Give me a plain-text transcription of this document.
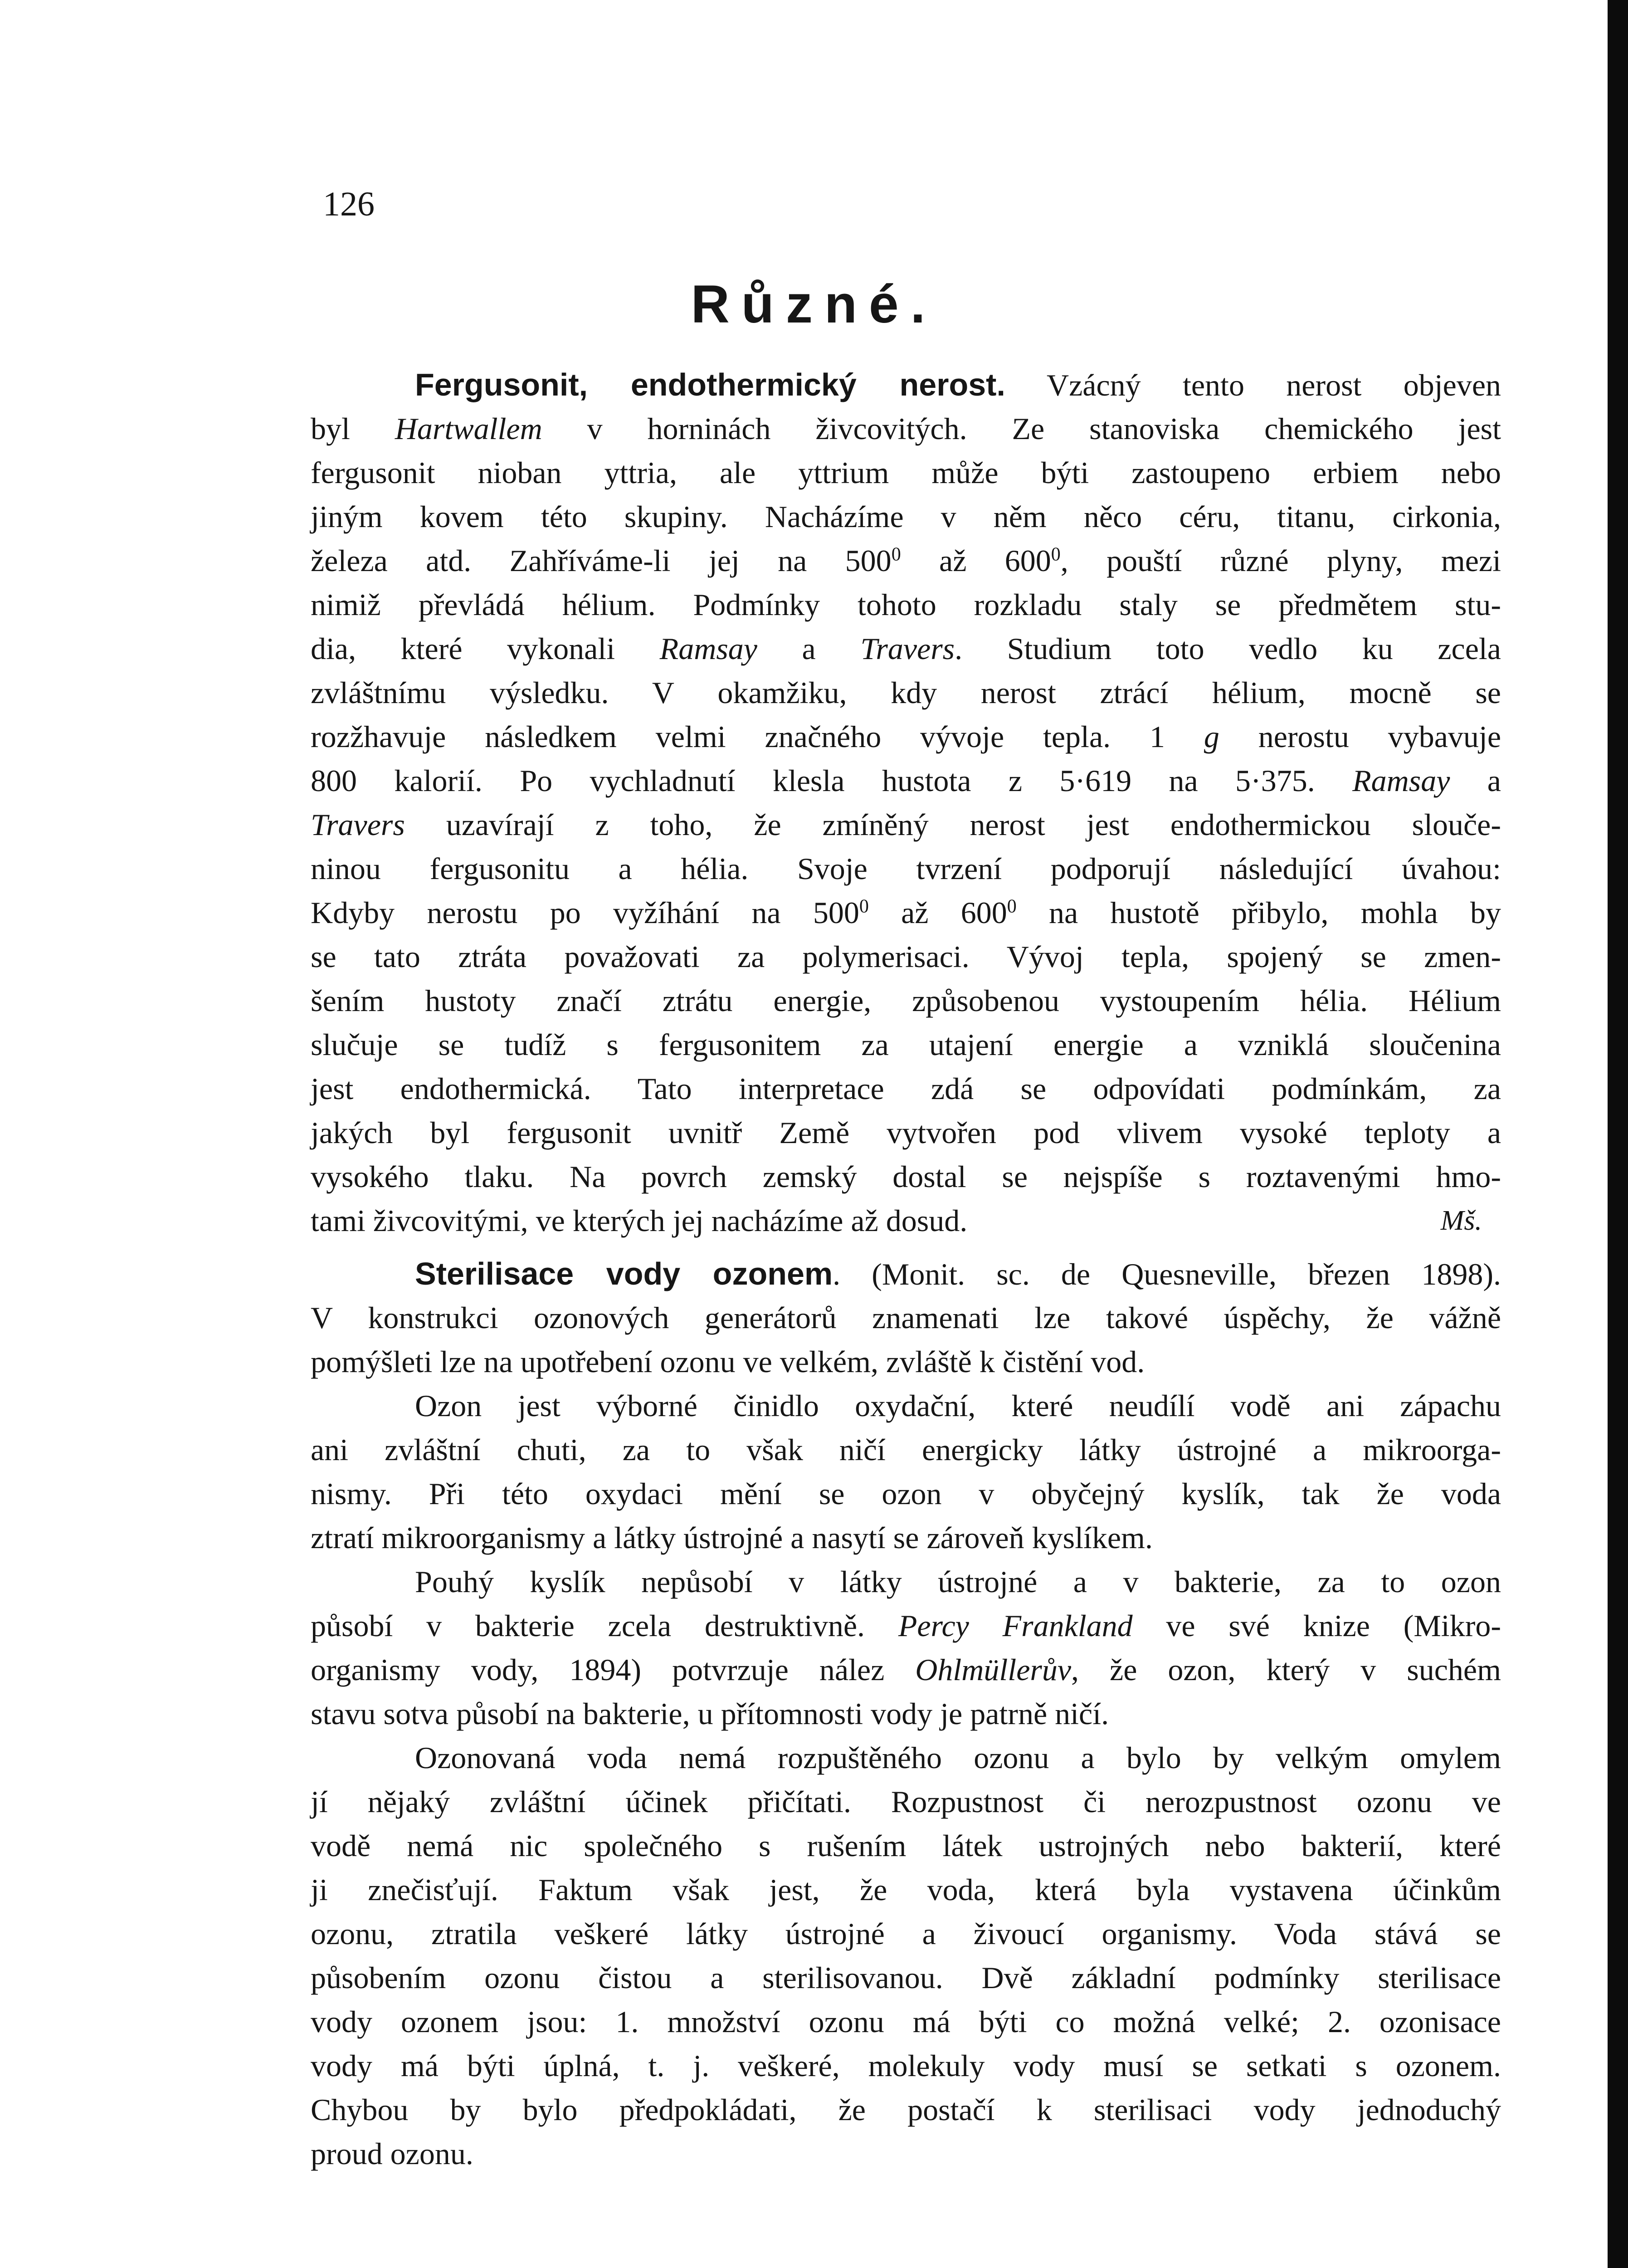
126
Různé.
Fergusonit, endothermický nerost. Vzácný tento nerost objeven
byl Hartwallem v horninách živcovitých. Ze stanoviska chemického jest
fergusonit nioban yttria, ale yttrium může býti zastoupeno erbiem nebo
jiným kovem této skupiny. Nacházíme v něm něco céru, titanu, cirkonia,
železa atd. Zahříváme-li jej na $500^0$ až $600^0$, pouští různé plyny, mezi
nimiž převládá hélium. Podmínky tohoto rozkladu staly se předmětem stu-
dia, které vykonali Ramsay a Travers. Studium toto vedlo ku zcela
zvláštnímu výsledku. V okamžiku, kdy nerost ztrácí hélium, mocně se
rozžhavuje následkem velmi značného vývoje tepla. 1 g nerostu vybavuje
800 kalorií. Po vychladnutí klesla hustota z 5·619 na 5·375. Ramsay a
Travers uzavírají z toho, že zmíněný nerost jest endothermickou slouče-
ninou fergusonitu a hélia. Svoje tvrzení podporují následující úvahou:
Kdyby nerostu po vyžíhání na $500^0$ až $600^0$ na hustotě přibylo, mohla by
se tato ztráta považovati za polymerisaci. Vývoj tepla, spojený se zmen-
šením hustoty značí ztrátu energie, způsobenou vystoupením hélia. Hélium
slučuje se tudíž s fergusonitem za utajení energie a vzniklá sloučenina
jest endothermická. Tato interpretace zdá se odpovídati podmínkám, za
jakých byl fergusonit uvnitř Země vytvořen pod vlivem vysoké teploty a
vysokého tlaku. Na povrch zemský dostal se nejspíše s roztavenými hmo-
tami živcovitými, ve kterých jej nacházíme až dosud.	Mš.
Sterilisace vody ozonem. (Monit. sc. de Quesneville, březen 1898).
V konstrukci ozonových generátorů znamenati lze takové úspěchy, že vážně
pomýšleti lze na upotřebení ozonu ve velkém, zvláště k čistění vod.
Ozon jest výborné činidlo oxydační, které neudílí vodě ani zápachu
ani zvláštní chuti, za to však ničí energicky látky ústrojné a mikroorga-
nismy. Při této oxydaci mění se ozon v obyčejný kyslík, tak že voda
ztratí mikroorganismy a látky ústrojné a nasytí se zároveň kyslíkem.
Pouhý kyslík nepůsobí v látky ústrojné a v bakterie, za to ozon
působí v bakterie zcela destruktivně. Percy Frankland ve své knize (Mikro-
organismy vody, 1894) potvrzuje nález Ohlmüllerův, že ozon, který v suchém
stavu sotva působí na bakterie, u přítomnosti vody je patrně ničí.
Ozonovaná voda nemá rozpuštěného ozonu a bylo by velkým omylem
jí nějaký zvláštní účinek přičítati. Rozpustnost či nerozpustnost ozonu ve
vodě nemá nic společného s rušením látek ustrojných nebo bakterií, které
ji znečisťují. Faktum však jest, že voda, která byla vystavena účinkům
ozonu, ztratila veškeré látky ústrojné a živoucí organismy. Voda stává se
působením ozonu čistou a sterilisovanou. Dvě základní podmínky sterilisace
vody ozonem jsou: 1. množství ozonu má býti co možná velké; 2. ozonisace
vody má býti úplná, t. j. veškeré, molekuly vody musí se setkati s ozonem.
Chybou by bylo předpokládati, že postačí k sterilisaci vody jednoduchý
proud ozonu.
